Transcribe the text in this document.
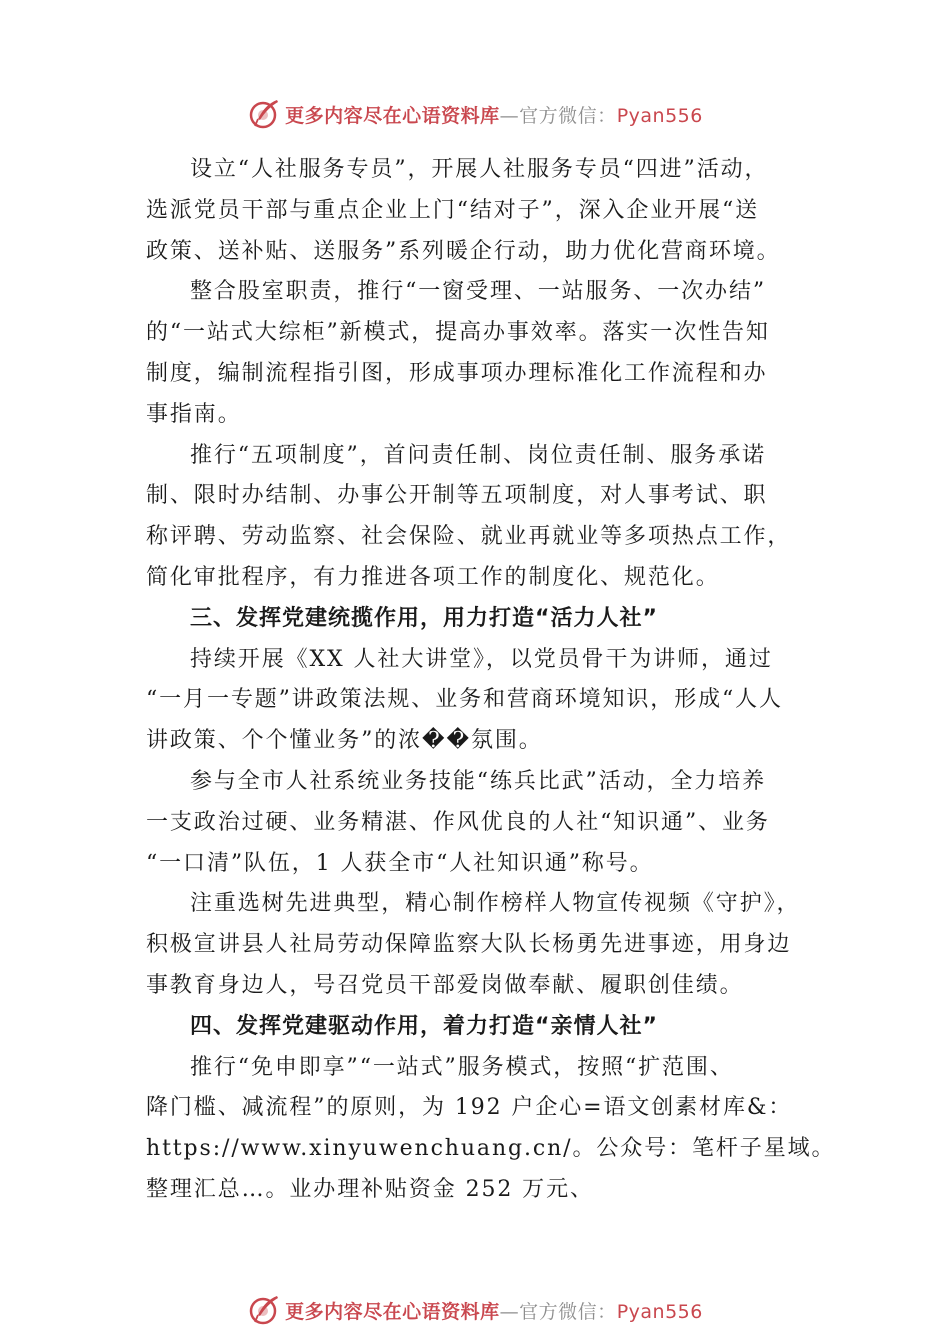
更多内容尽在心语资料库—官方微信：Pyan556

设立“人社服务专员”，开展人社服务专员“四进”活动，
选派党员干部与重点企业上门“结对子”，深入企业开展“送
政策、送补贴、送服务”系列暖企行动，助力优化营商环境。

整合股室职责，推行“一窗受理、一站服务、一次办结”
的“一站式大综柜”新模式，提高办事效率。落实一次性告知
制度，编制流程指引图，形成事项办理标准化工作流程和办
事指南。

推行“五项制度”，首问责任制、岗位责任制、服务承诺
制、限时办结制、办事公开制等五项制度，对人事考试、职
称评聘、劳动监察、社会保险、就业再就业等多项热点工作，
简化审批程序，有力推进各项工作的制度化、规范化。

三、发挥党建统揽作用，用力打造“活力人社”

持续开展《XX 人社大讲堂》，以党员骨干为讲师，通过
“一月一专题”讲政策法规、业务和营商环境知识，形成“人人
讲政策、个个懂业务”的浓��氛围。

参与全市人社系统业务技能“练兵比武”活动，全力培养
一支政治过硬、业务精湛、作风优良的人社“知识通”、业务
“一口清”队伍，1 人获全市“人社知识通”称号。

注重选树先进典型，精心制作榜样人物宣传视频《守护》，
积极宣讲县人社局劳动保障监察大队长杨勇先进事迹，用身边
事教育身边人，号召党员干部爱岗做奉献、履职创佳绩。

四、发挥党建驱动作用，着力打造“亲情人社”

推行“免申即享”“一站式”服务模式，按照“扩范围、
降门槛、减流程”的原则，为 192 户企心=语文创素材库&：
https://www.xinyuwenchuang.cn/。公众号：笔杆子星域。
整理汇总…。业办理补贴资金 252 万元、

更多内容尽在心语资料库—官方微信：Pyan556
